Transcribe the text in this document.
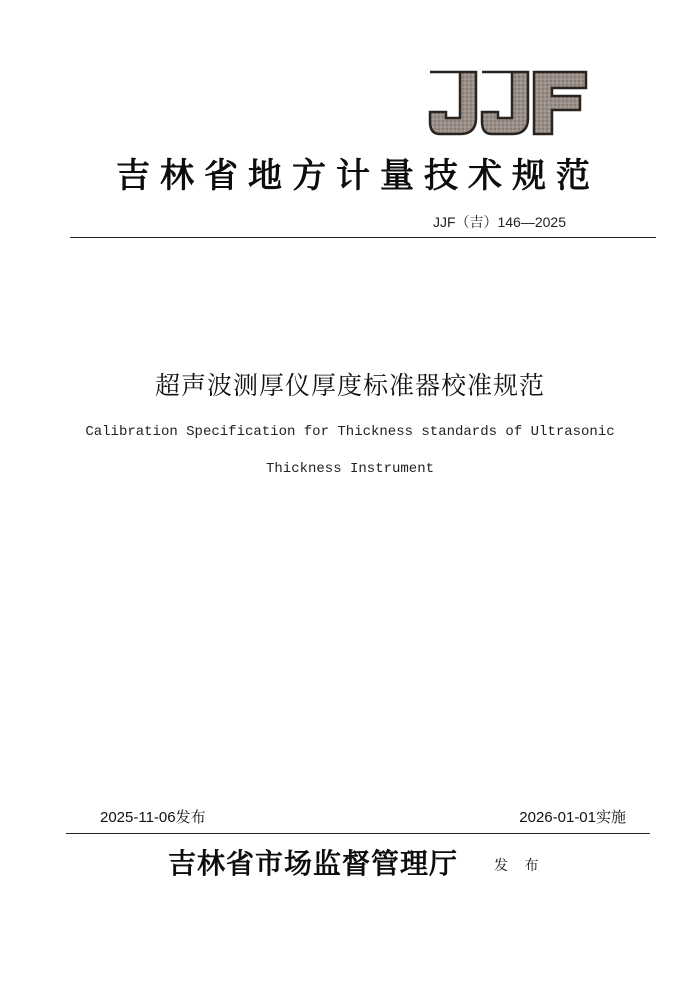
吉林省地方计量技术规范
JJF（吉）146—2025
超声波测厚仪厚度标准器校准规范
Calibration Specification for Thickness standards of Ultrasonic
Thickness Instrument
2025-11-06发布	2026-01-01实施
吉林省市场监督管理厅	发 布
